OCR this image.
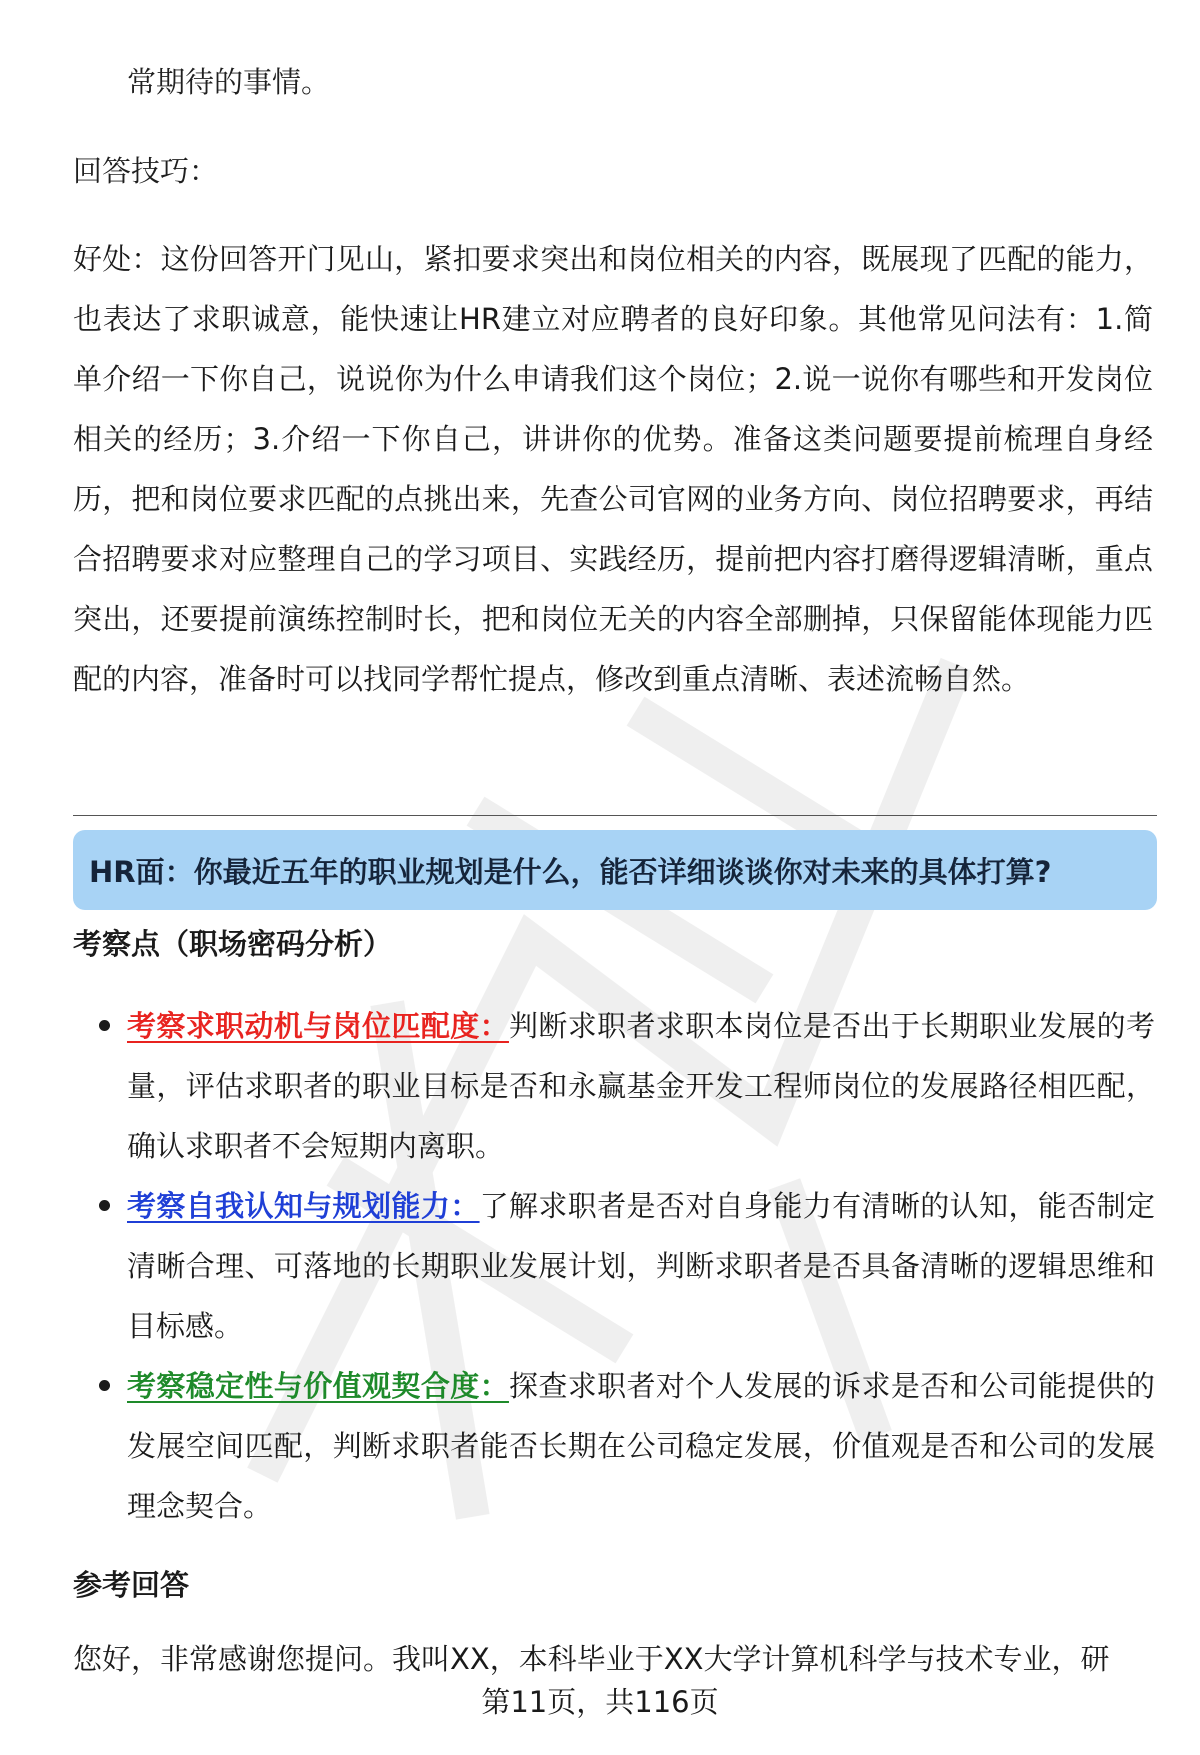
常期待的事情。
回答技巧：

好处：这份回答开门见山，紧扣要求突出和岗位相关的内容，既展现了匹配的能力，也表达了求职诚意，能快速让HR建立对应聘者的良好印象。其他常见问法有：1.简单介绍一下你自己，说说你为什么申请我们这个岗位；2.说一说你有哪些和开发岗位相关的经历；3.介绍一下你自己，讲讲你的优势。准备这类问题要提前梳理自身经历，把和岗位要求匹配的点挑出来，先查公司官网的业务方向、岗位招聘要求，再结合招聘要求对应整理自己的学习项目、实践经历，提前把内容打磨得逻辑清晰，重点突出，还要提前演练控制时长，把和岗位无关的内容全部删掉，只保留能体现能力匹配的内容，准备时可以找同学帮忙提点，修改到重点清晰、表述流畅自然。

HR面：你最近五年的职业规划是什么，能否详细谈谈你对未来的具体打算?
考察点（职场密码分析）
考察求职动机与岗位匹配度：判断求职者求职本岗位是否出于长期职业发展的考量，评估求职者的职业目标是否和永赢基金开发工程师岗位的发展路径相匹配，确认求职者不会短期内离职。
考察自我认知与规划能力：了解求职者是否对自身能力有清晰的认知，能否制定清晰合理、可落地的长期职业发展计划，判断求职者是否具备清晰的逻辑思维和目标感。
考察稳定性与价值观契合度：探查求职者对个人发展的诉求是否和公司能提供的发展空间匹配，判断求职者能否长期在公司稳定发展，价值观是否和公司的发展理念契合。
参考回答
您好，非常感谢您提问。我叫XX，本科毕业于XX大学计算机科学与技术专业，研
第11页，共116页
